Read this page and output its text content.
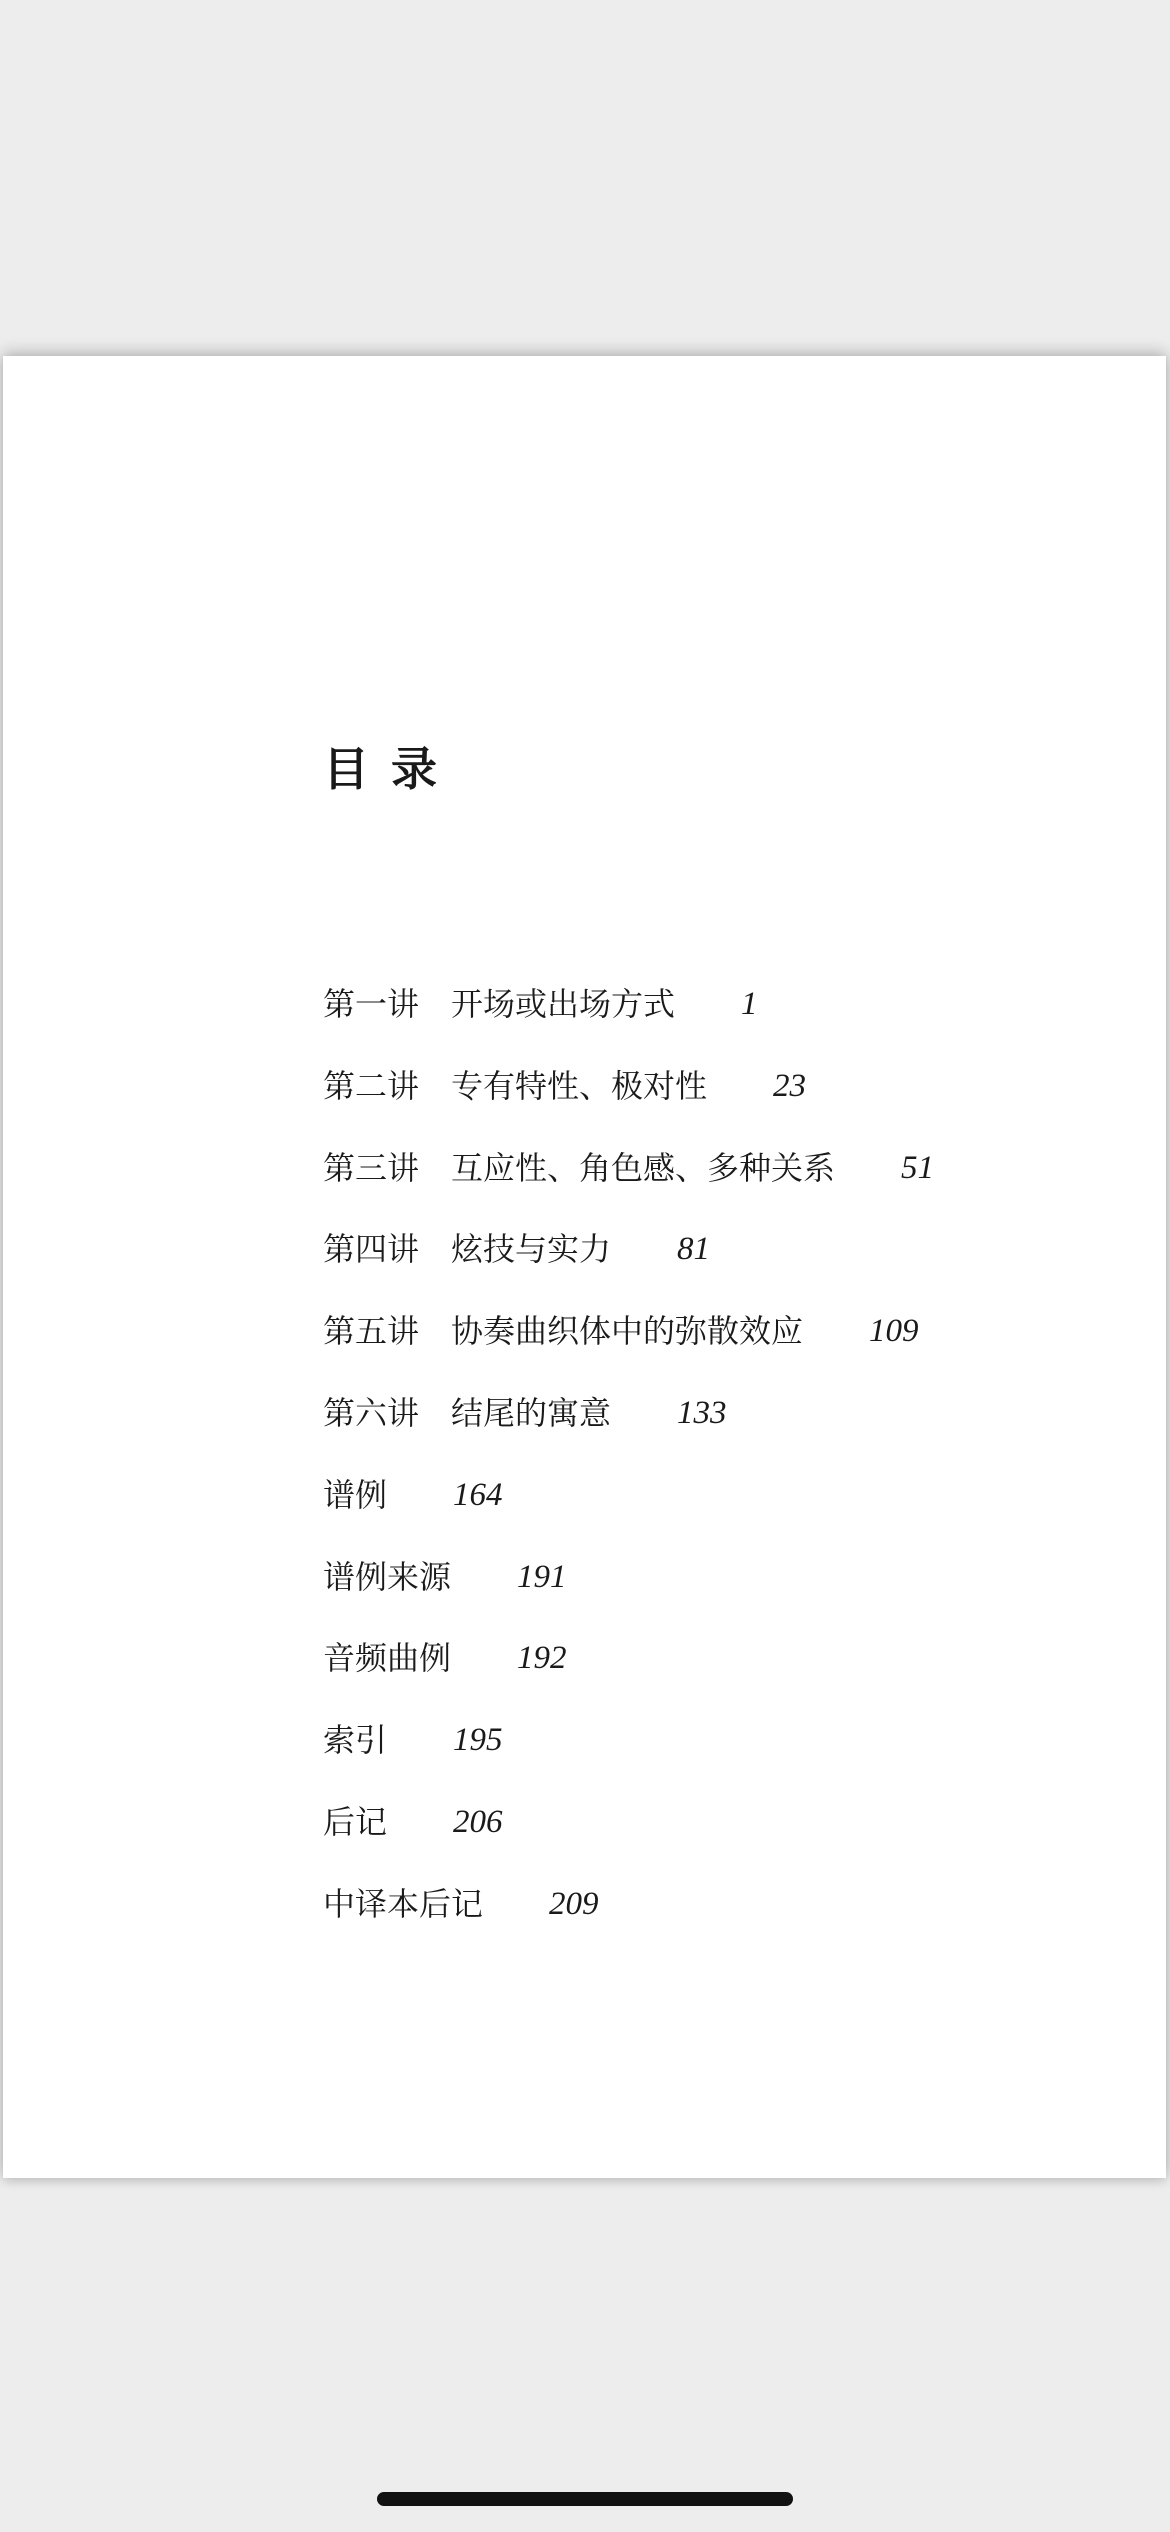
目录
第一讲　开场或出场方式 1
第二讲　专有特性、极对性 23
第三讲　互应性、角色感、多种关系 51
第四讲　炫技与实力 81
第五讲　协奏曲织体中的弥散效应 109
第六讲　结尾的寓意 133
谱例 164
谱例来源 191
音频曲例 192
索引 195
后记 206
中译本后记 209
